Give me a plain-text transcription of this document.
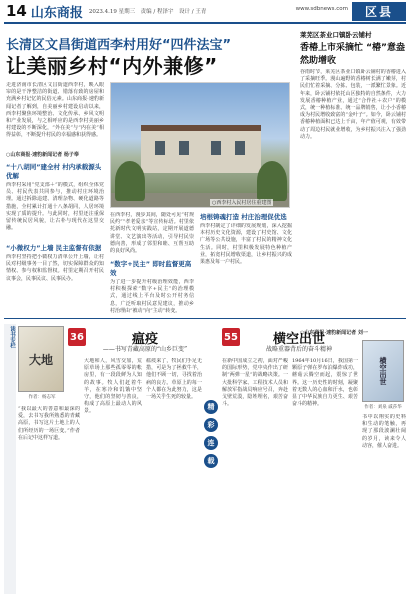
14 山东商报 2023.4.19 星期三　责编 / 程泽宇　设计 / 王青	www.sdbnews.com	区县
长清区文昌街道西李村用好“四件法宝”
让美丽乡村“内外兼修”

走进济南市长清区文昌街道西李村，映入眼帘的是干净整洁的街道、错落有致的房屋和充满乡村记忆的民俗元素。山东商报·速豹新闻记者了解到，自美丽乡村建设启动以来，西李村聚焦环境整治、文化传承、乡风文明和产业发展，与之相呼应的是西李村美丽乡村建设的不断深化，“外在美”与“内在美”相得益彰，不断提升村民的幸福感和获得感。

○山东商报·速豹新闻记者 杨子奉

“十八胡同”建全村 村内承载源头优解

西李村采用“党支部＋”的模式，组织全体党员、村民代表共同参与，推动村庄环境治理。通过拆除违建、清理杂物、硬化道路等措施，全村累计打通十八条胡同，人居环境实现了质的提升。与此同时，村里还注重保留传统民居风貌，让古朴与现代在这里交融。

“小微权力”上墙 民主监督有依据

西李村坚持把小微权力清单公开上墙，让村民对村级事务一目了然，切实保障群众的知情权、参与权和监督权。村里定期召开村民议事会，民事民议、民事民办。

○西李村入民村居住重建图

在西李村，漫步其间，随处可见“村规民约”“孝老爱亲”等宣传标语。村里依托新时代文明实践站，定期开展道德讲堂、文艺演出等活动，引导村民崇德向善，形成了邻里和睦、互帮互助的良好风尚。

“数字+民主” 即时监督更高效

为了进一步提升村级治理效能，西李村积极探索“数字+民主”的治理模式，通过线上平台及时公开村务信息，广泛听取村民意见建议，推动乡村治理由“被动”向“主动”转变。

培根铸魂打造 村庄治理促优选

西李村制定了详细的发展规划，深入挖掘本村历史文化资源，建设了村史馆、文化广场等公共设施，丰富了村民的精神文化生活。同时，村里积极发展特色种植产业，拓宽村民增收渠道，让乡村振兴的成果惠及每一户村民。

莱芜区茶业口镇卧云铺村

香椿上市采摘忙 “椿”意盎然助增收

谷雨时节，莱芜区茶业口镇卧云铺村的香椿进入了采摘旺季。漫山遍野的香椿树长满了嫩芽，村民们忙着采摘、分拣、包装，一派繁忙景象。近年来，卧云铺村依托山区独特的自然条件，大力发展香椿种植产业，通过“合作社＋农户”的模式，统一种植标准、统一品牌销售，让小小香椿成为村民增收致富的“金叶子”。如今，卧云铺村香椿种植面积已达上千亩，年产值可观，有效带动了周边村民就业增收，为乡村振兴注入了强劲动力。

○山东商报·速豹新闻记者 刘一

读书专栏
大地
作者：杨志军
36	瘟疫
——书写青藏高原的“山乡巨变”

“我以最大的善意和最深的爱，去书写我所熟悉的青藏高原，书写这片土地上的人们所经历的一场巨变。”作者在后记中这样写道。

大地和人，风雪交加，荒原草场上那些孤零零的帐房里，有一段段鲜为人知的故事。牧人们赶着牛羊，在寒冷和饥饿中坚守，他们的坚韧与善良，构成了高原上最动人的风景。

瘟疫来了，牧民们手足无措，可是为了拯救牛羊，他们不顾一切，寻找着治病的良方。草原上的每一个人都在为此努力，这是一场关乎生死的较量。

精
彩
连
载
55	横空出世
战略重器背后的奋斗精神
横空出世
作者：刘泉 戚莎华

在新中国成立之初，面对严峻的国际形势，党中央作出了研制“两弹一星”的战略决策。一大批科学家、工程技术人员和解放军指战员响应号召，奔赴戈壁荒漠，隐姓埋名，艰苦奋斗。

1964年10月16日，我国第一颗原子弹在罗布泊爆炸成功，蘑菇云腾空而起，震惊了世界。这一历史性的时刻，凝聚着无数人的心血和汗水，也彰显了中华民族自力更生、艰苦奋斗的精神。

书中以翔实的史料和生动的笔触，再现了那段波澜壮阔的岁月，读来令人动容，催人奋进。
